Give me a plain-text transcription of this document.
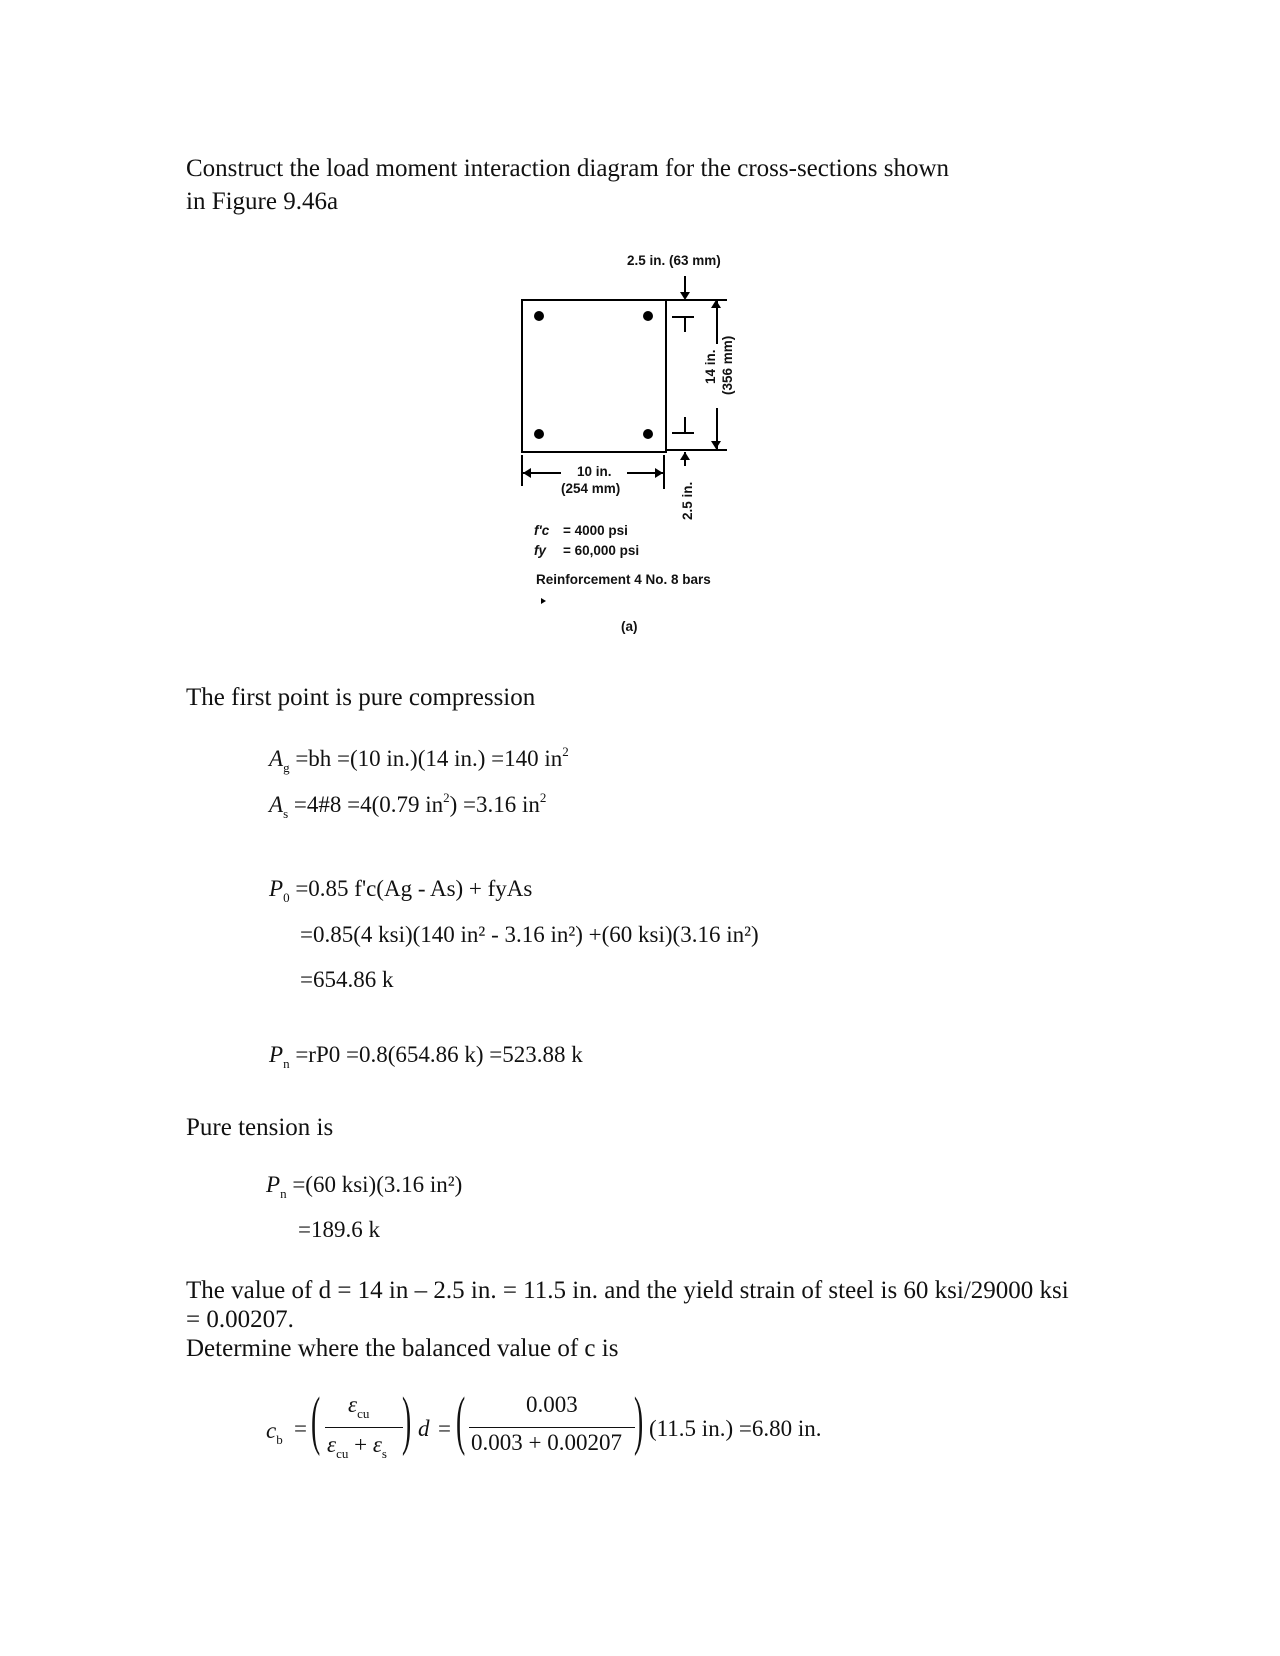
Construct the load moment interaction diagram for the cross-sections shown
in Figure 9.46a
2.5 in. (63 mm)
14 in. (356 mm)
10 in.
(254 mm)	2.5 in.
f'c = 4000 psi
fy = 60,000 psi
Reinforcement 4 No. 8 bars
(a)
The first point is pure compression
$A_g =bh =(10$ in.)(14 in.) =140 $in^2$
$A_s$ =4#8 =4(0.79 $in^2) =3.16$ $in^2$
$P_0 =0.85$ f'c(Ag - As) + fyAs
=0.85(4 ksi)(140 in² - 3.16 in²) +(60 ksi)(3.16 in²)
=654.86 k
$P_n =rP0 =0.8(654.86$ k) =523.88 k
Pure tension is
$P_n =(60$ ksi)(3.16 in²)
=189.6 k
The value of d = 14 in – 2.5 in. = 11.5 in. and the yield strain of steel is 60 ksi/29000 ksi
= 0.00207.
Determine where the balanced value of c is
$c_b$ = ( $\varepsilon_{cu}$
$\varepsilon_{cu} + \varepsilon_s$ ) d = (	0.003
0.003 + 0.00207 ) (11.5 in.) =6.80 in.
